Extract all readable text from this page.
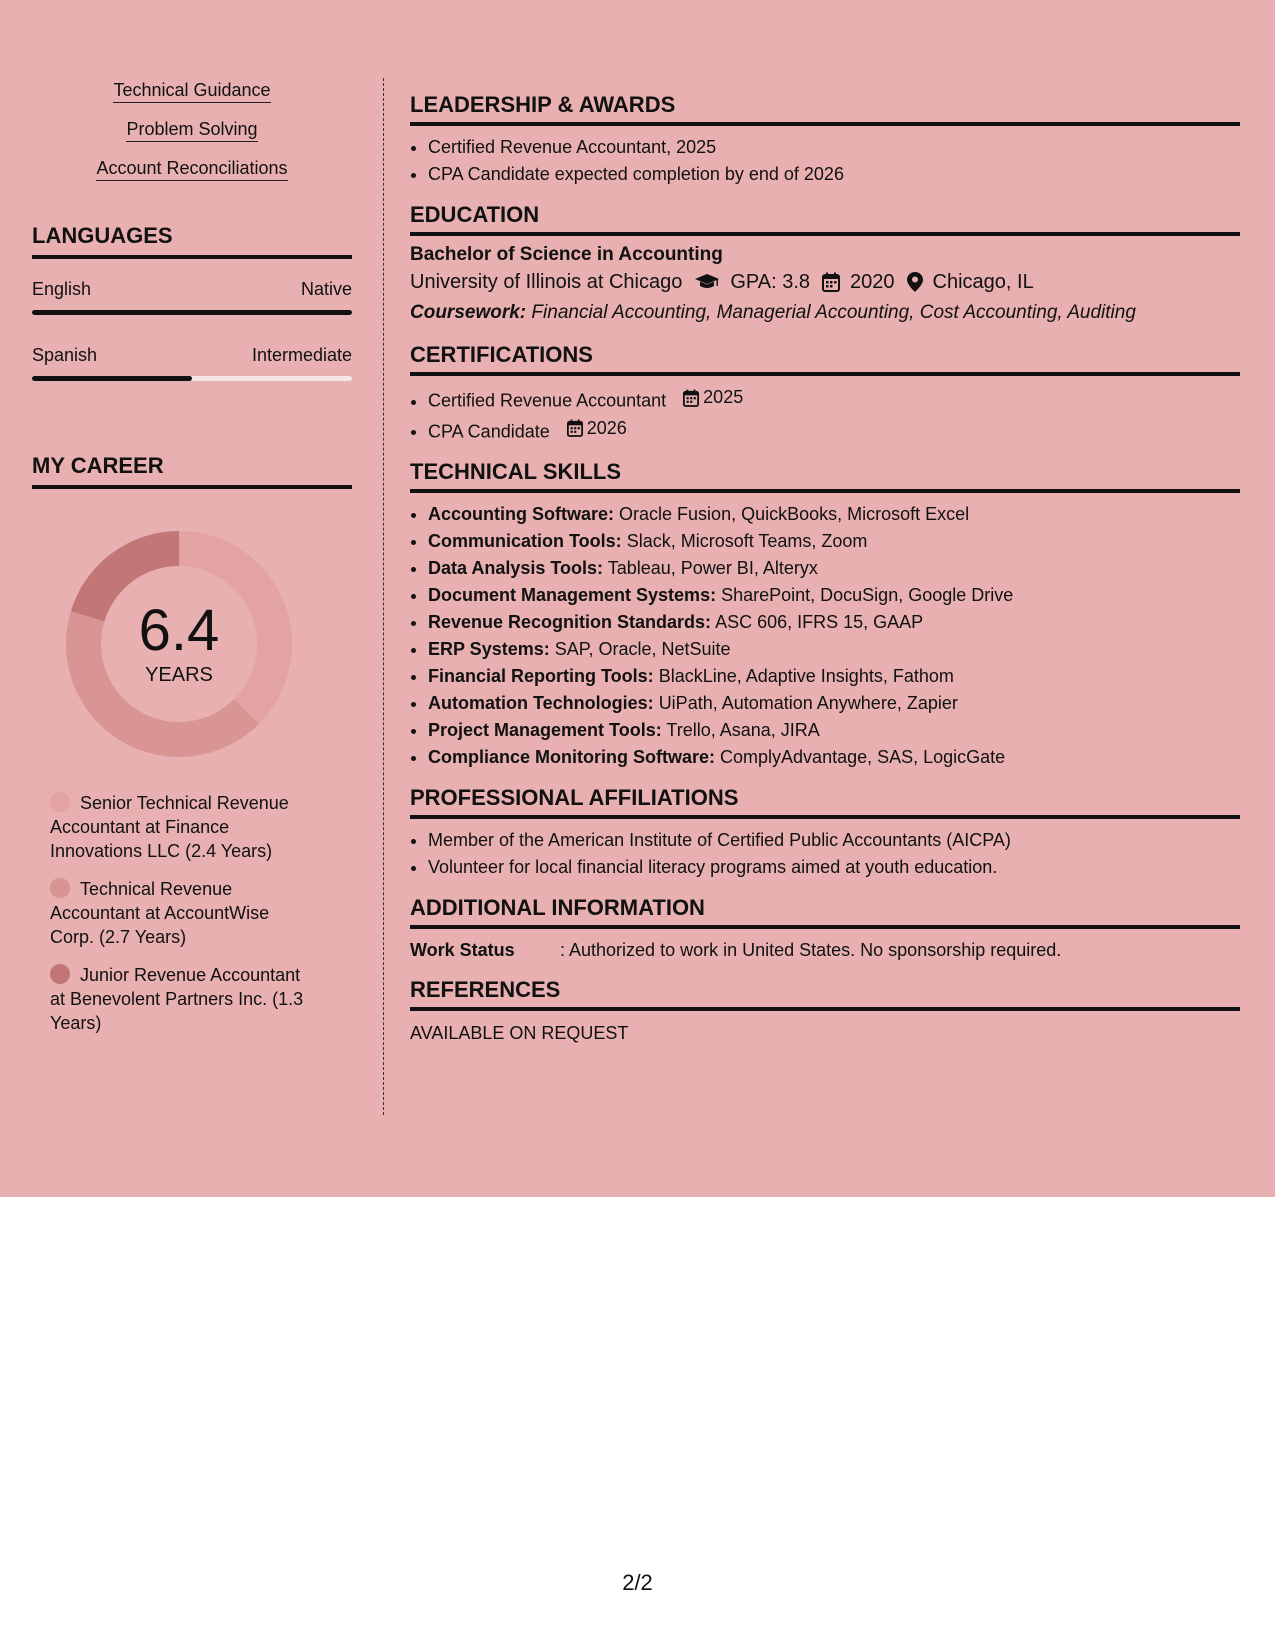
Technical Guidance
Problem Solving
Account Reconciliations
LANGUAGES
English	Native
Spanish	Intermediate
MY CAREER
6.4
YEARS
Senior Technical Revenue Accountant at Finance Innovations LLC (2.4 Years)
Technical Revenue Accountant at AccountWise Corp. (2.7 Years)
Junior Revenue Accountant at Benevolent Partners Inc. (1.3 Years)
LEADERSHIP & AWARDS
• Certified Revenue Accountant, 2025
• CPA Candidate expected completion by end of 2026
EDUCATION
Bachelor of Science in Accounting
University of Illinois at Chicago GPA: 3.8 2020 Chicago, IL
Coursework: Financial Accounting, Managerial Accounting, Cost Accounting, Auditing
CERTIFICATIONS
• Certified Revenue Accountant 2025
• CPA Candidate 2026
TECHNICAL SKILLS
• Accounting Software: Oracle Fusion, QuickBooks, Microsoft Excel
• Communication Tools: Slack, Microsoft Teams, Zoom
• Data Analysis Tools: Tableau, Power BI, Alteryx
• Document Management Systems: SharePoint, DocuSign, Google Drive
• Revenue Recognition Standards: ASC 606, IFRS 15, GAAP
• ERP Systems: SAP, Oracle, NetSuite
• Financial Reporting Tools: BlackLine, Adaptive Insights, Fathom
• Automation Technologies: UiPath, Automation Anywhere, Zapier
• Project Management Tools: Trello, Asana, JIRA
• Compliance Monitoring Software: ComplyAdvantage, SAS, LogicGate
PROFESSIONAL AFFILIATIONS
• Member of the American Institute of Certified Public Accountants (AICPA)
• Volunteer for local financial literacy programs aimed at youth education.
ADDITIONAL INFORMATION
Work Status	: Authorized to work in United States. No sponsorship required.
REFERENCES
AVAILABLE ON REQUEST
2/2
